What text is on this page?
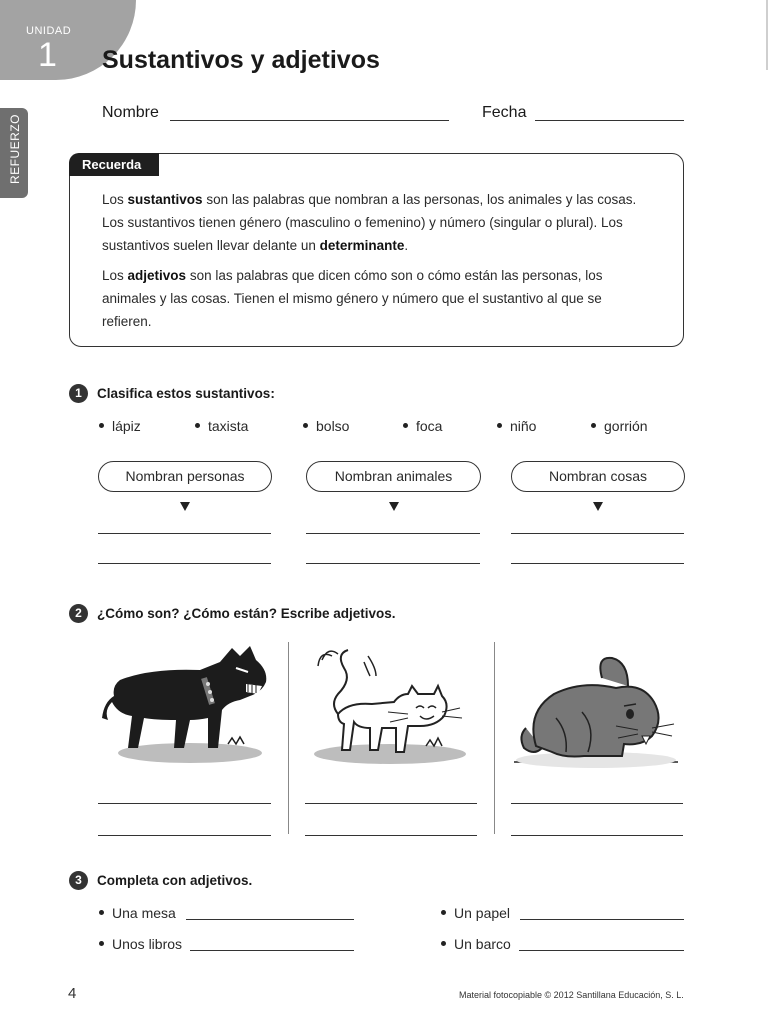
UNIDAD
1 Sustantivos y adjetivos
REFUERZO
Nombre	Fecha
Recuerda
Los sustantivos son las palabras que nombran a las personas, los animales y las cosas. Los sustantivos tienen género (masculino o femenino) y número (singular o plural). Los sustantivos suelen llevar delante un determinante.
Los adjetivos son las palabras que dicen cómo son o cómo están las personas, los animales y las cosas. Tienen el mismo género y número que el sustantivo al que se refieren.
1	Clasifica estos sustantivos:
lápiz	taxista	bolso	foca	niño	gorrión
Nombran personas	Nombran animales	Nombran cosas
2	¿Cómo son? ¿Cómo están? Escribe adjetivos.
3	Completa con adjetivos.
Una mesa
Unos libros
Un papel
Un barco
4	Material fotocopiable © 2012 Santillana Educación, S. L.
